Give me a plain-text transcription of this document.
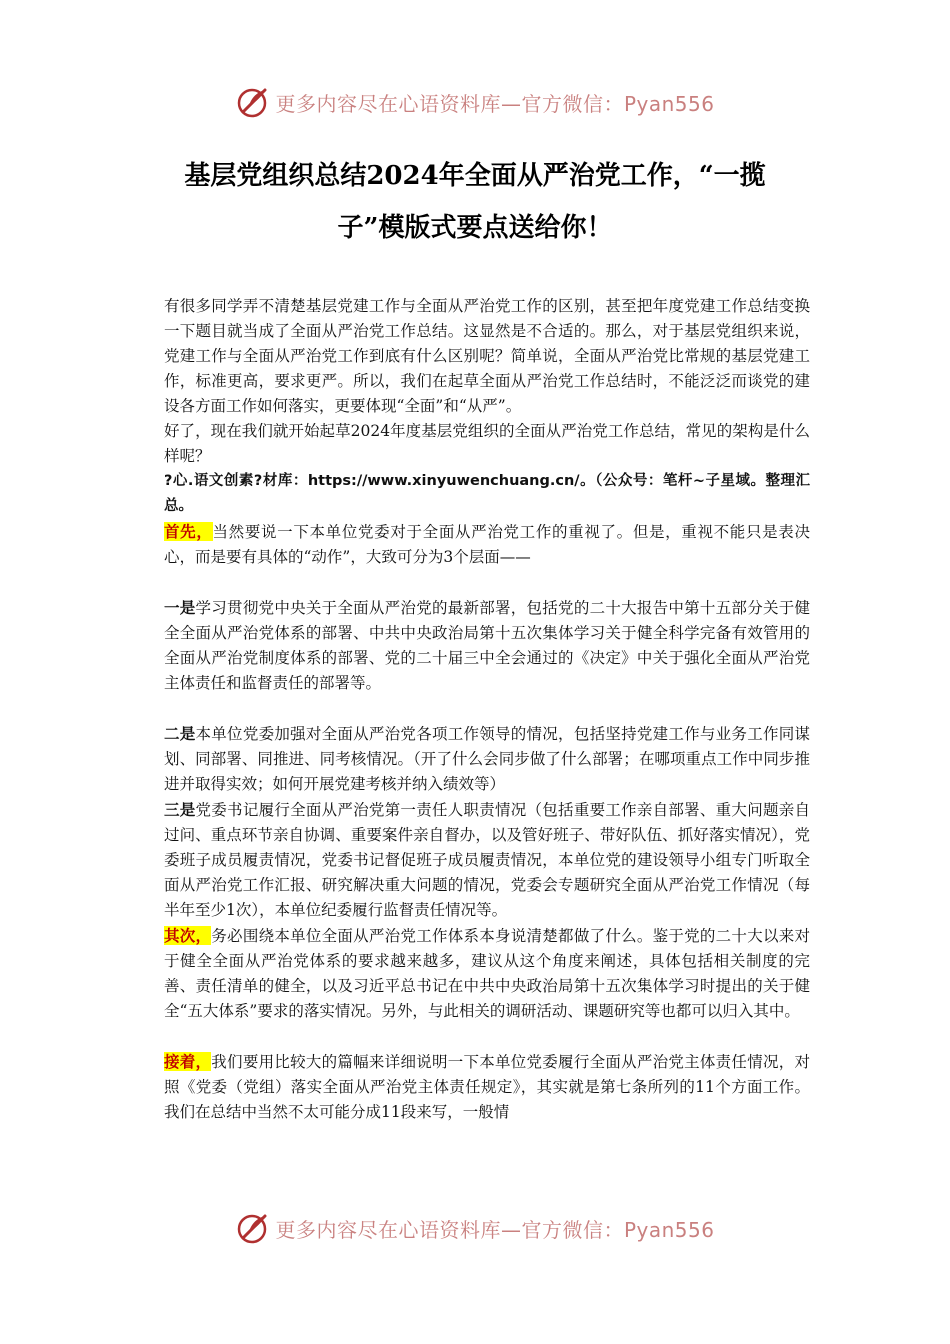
更多内容尽在心语资料库—官方微信：Pyan556
基层党组织总结2024年全面从严治党工作，“一揽
子”模版式要点送给你！

有很多同学弄不清楚基层党建工作与全面从严治党工作的区别，甚至把年度党建工作总结变换一下题目就当成了全面从严治党工作总结。这显然是不合适的。那么，对于基层党组织来说，党建工作与全面从严治党工作到底有什么区别呢？简单说，全面从严治党比常规的基层党建工作，标准更高，要求更严。所以，我们在起草全面从严治党工作总结时，不能泛泛而谈党的建设各方面工作如何落实，更要体现“全面”和“从严”。

好了，现在我们就开始起草2024年度基层党组织的全面从严治党工作总结，常见的架构是什么样呢？

?心.语文创素?材库：https://www.xinyuwenchuang.cn/。（公众号：笔杆~子星域。整理汇总。

首先，当然要说一下本单位党委对于全面从严治党工作的重视了。但是，重视不能只是表决心，而是要有具体的“动作”，大致可分为3个层面——

一是学习贯彻党中央关于全面从严治党的最新部署，包括党的二十大报告中第十五部分关于健全全面从严治党体系的部署、中共中央政治局第十五次集体学习关于健全科学完备有效管用的全面从严治党制度体系的部署、党的二十届三中全会通过的《决定》中关于强化全面从严治党主体责任和监督责任的部署等。

二是本单位党委加强对全面从严治党各项工作领导的情况，包括坚持党建工作与业务工作同谋划、同部署、同推进、同考核情况。（开了什么会同步做了什么部署；在哪项重点工作中同步推进并取得实效；如何开展党建考核并纳入绩效等）

三是党委书记履行全面从严治党第一责任人职责情况（包括重要工作亲自部署、重大问题亲自过问、重点环节亲自协调、重要案件亲自督办，以及管好班子、带好队伍、抓好落实情况），党委班子成员履责情况，党委书记督促班子成员履责情况，本单位党的建设领导小组专门听取全面从严治党工作汇报、研究解决重大问题的情况，党委会专题研究全面从严治党工作情况（每半年至少1次），本单位纪委履行监督责任情况等。

其次，务必围绕本单位全面从严治党工作体系本身说清楚都做了什么。鉴于党的二十大以来对于健全全面从严治党体系的要求越来越多，建议从这个角度来阐述，具体包括相关制度的完善、责任清单的健全，以及习近平总书记在中共中央政治局第十五次集体学习时提出的关于健全“五大体系”要求的落实情况。另外，与此相关的调研活动、课题研究等也都可以归入其中。

接着，我们要用比较大的篇幅来详细说明一下本单位党委履行全面从严治党主体责任情况，对照《党委（党组）落实全面从严治党主体责任规定》，其实就是第七条所列的11个方面工作。我们在总结中当然不太可能分成11段来写，一般情

更多内容尽在心语资料库—官方微信：Pyan556
